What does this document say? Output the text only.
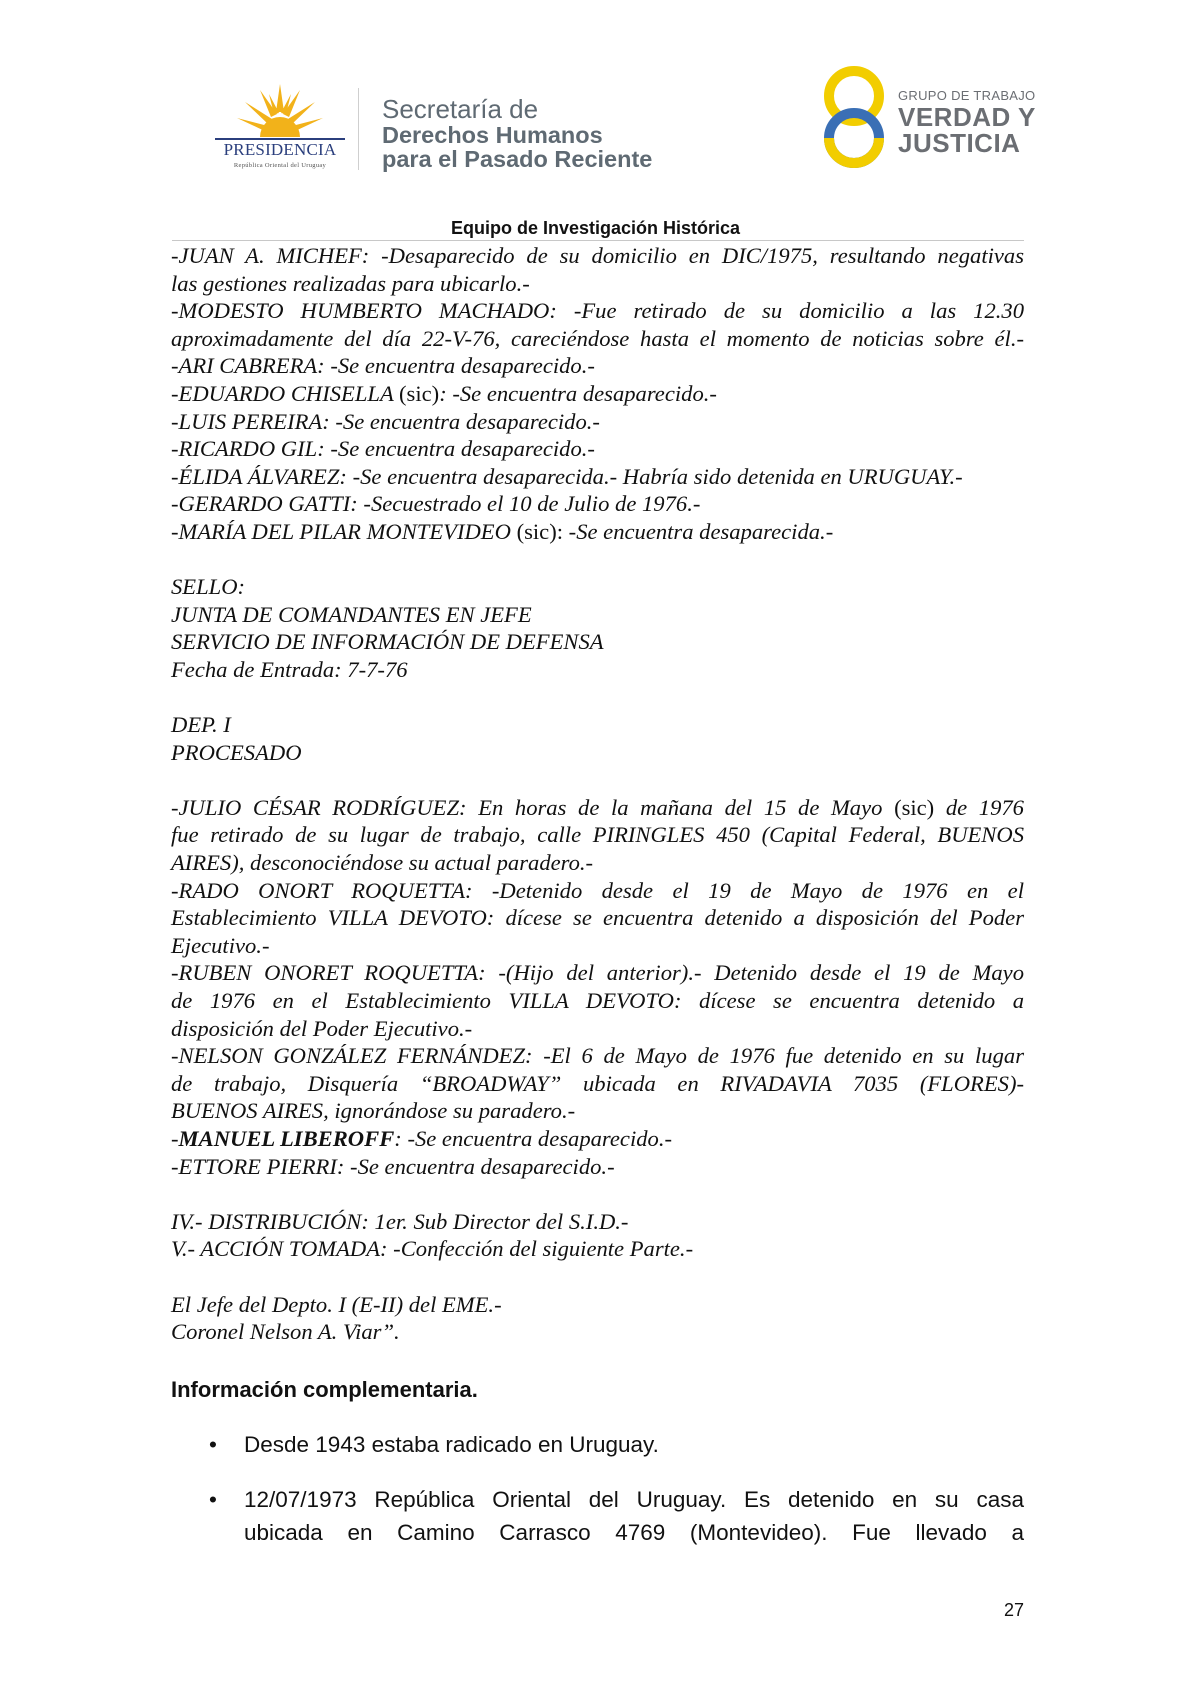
PRESIDENCIA
República Oriental del Uruguay
Secretaría de
Derechos Humanos
para el Pasado Reciente
GRUPO DE TRABAJO
VERDAD Y
JUSTICIA
Equipo de Investigación Histórica

-JUAN A. MICHEF: -Desaparecido de su domicilio en DIC/1975, resultando negativas

las gestiones realizadas para ubicarlo.-

-MODESTO HUMBERTO MACHADO: -Fue retirado de su domicilio a las 12.30

aproximadamente del día 22-V-76, careciéndose hasta el momento de noticias sobre él.-

-ARI CABRERA: -Se encuentra desaparecido.-

-EDUARDO CHISELLA (sic): -Se encuentra desaparecido.-

-LUIS PEREIRA: -Se encuentra desaparecido.-

-RICARDO GIL: -Se encuentra desaparecido.-

-ÉLIDA ÁLVAREZ: -Se encuentra desaparecida.- Habría sido detenida en URUGUAY.-

-GERARDO GATTI: -Secuestrado el 10 de Julio de 1976.-

-MARÍA DEL PILAR MONTEVIDEO (sic): -Se encuentra desaparecida.-

SELLO:

JUNTA DE COMANDANTES EN JEFE

SERVICIO DE INFORMACIÓN DE DEFENSA

Fecha de Entrada: 7-7-76

DEP. I

PROCESADO

-JULIO CÉSAR RODRÍGUEZ: En horas de la mañana del 15 de Mayo (sic) de 1976

fue retirado de su lugar de trabajo, calle PIRINGLES 450 (Capital Federal, BUENOS

AIRES), desconociéndose su actual paradero.-

-RADO ONORT ROQUETTA: -Detenido desde el 19 de Mayo de 1976 en el

Establecimiento VILLA DEVOTO: dícese se encuentra detenido a disposición del Poder

Ejecutivo.-

-RUBEN ONORET ROQUETTA: -(Hijo del anterior).- Detenido desde el 19 de Mayo

de 1976 en el Establecimiento VILLA DEVOTO: dícese se encuentra detenido a

disposición del Poder Ejecutivo.-

-NELSON GONZÁLEZ FERNÁNDEZ: -El 6 de Mayo de 1976 fue detenido en su lugar

de trabajo, Disquería “BROADWAY” ubicada en RIVADAVIA 7035 (FLORES)-

BUENOS AIRES, ignorándose su paradero.-

-MANUEL LIBEROFF: -Se encuentra desaparecido.-

-ETTORE PIERRI: -Se encuentra desaparecido.-

IV.- DISTRIBUCIÓN: 1er. Sub Director del S.I.D.-

V.- ACCIÓN TOMADA: -Confección del siguiente Parte.-

El Jefe del Depto. I (E-II) del EME.-

Coronel Nelson A. Viar”.

Información complementaria.
• Desde 1943 estaba radicado en Uruguay.
• 12/07/1973 República Oriental del Uruguay. Es detenido en su casa
ubicada en Camino Carrasco 4769 (Montevideo). Fue llevado a
27
